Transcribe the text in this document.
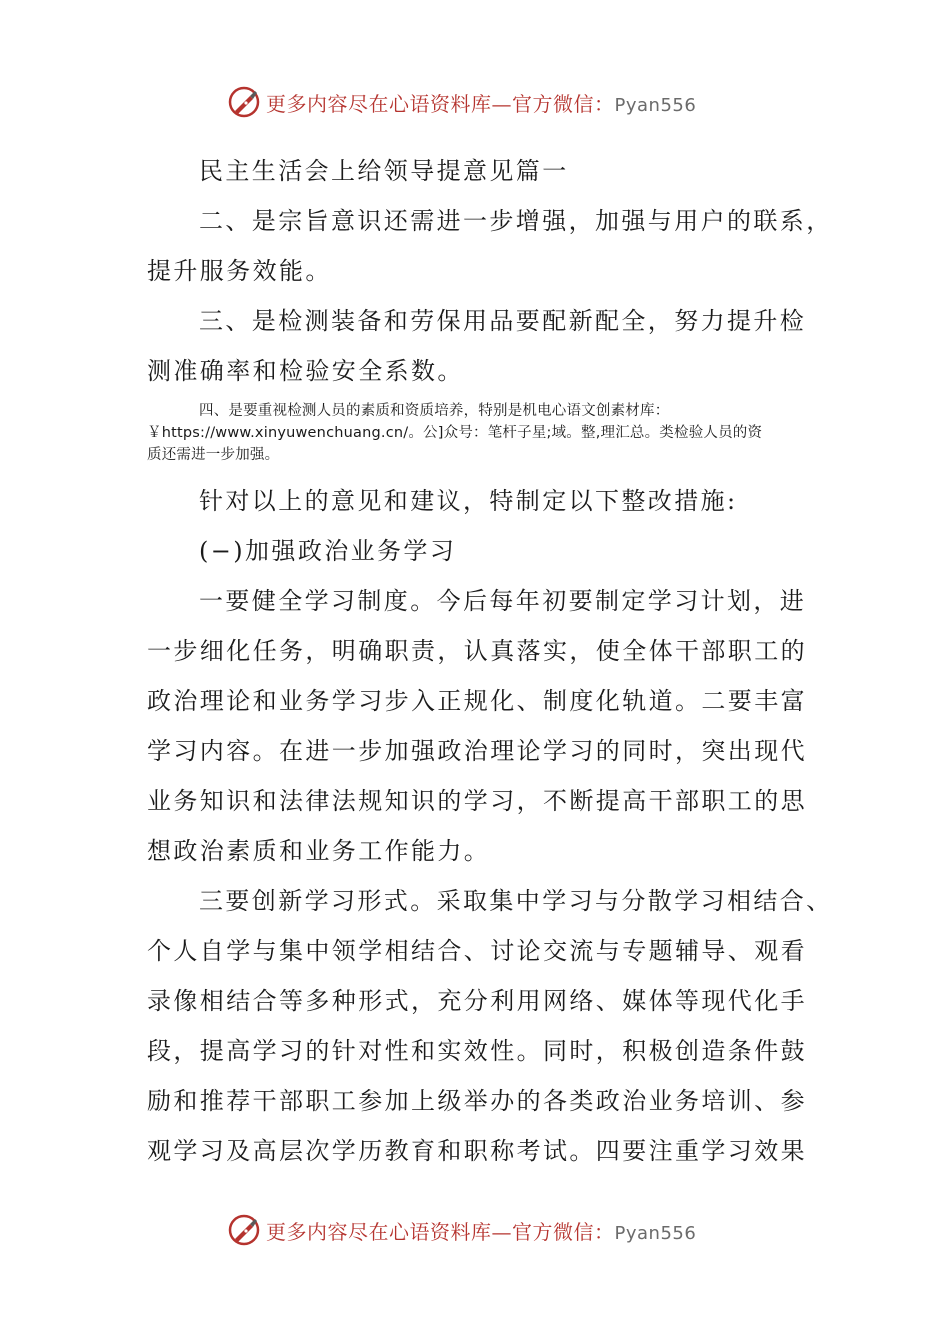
更多内容尽在心语资料库—官方微信：Pyan556
民主生活会上给领导提意见篇一
二、是宗旨意识还需进一步增强，加强与用户的联系，
提升服务效能。
三、是检测装备和劳保用品要配新配全，努力提升检
测准确率和检验安全系数。
四、是要重视检测人员的素质和资质培养，特别是机电心语文创素材库：
￥https://www.xinyuwenchuang.cn/。公]众号：笔杆子星;域。整,理汇总。类检验人员的资
质还需进一步加强。
针对以上的意见和建议，特制定以下整改措施:
(−)加强政治业务学习
一要健全学习制度。今后每年初要制定学习计划，进
一步细化任务，明确职责，认真落实，使全体干部职工的
政治理论和业务学习步入正规化、制度化轨道。二要丰富
学习内容。在进一步加强政治理论学习的同时，突出现代
业务知识和法律法规知识的学习，不断提高干部职工的思
想政治素质和业务工作能力。
三要创新学习形式。采取集中学习与分散学习相结合、
个人自学与集中领学相结合、讨论交流与专题辅导、观看
录像相结合等多种形式，充分利用网络、媒体等现代化手
段，提高学习的针对性和实效性。同时，积极创造条件鼓
励和推荐干部职工参加上级举办的各类政治业务培训、参
观学习及高层次学历教育和职称考试。四要注重学习效果
更多内容尽在心语资料库—官方微信：Pyan556
